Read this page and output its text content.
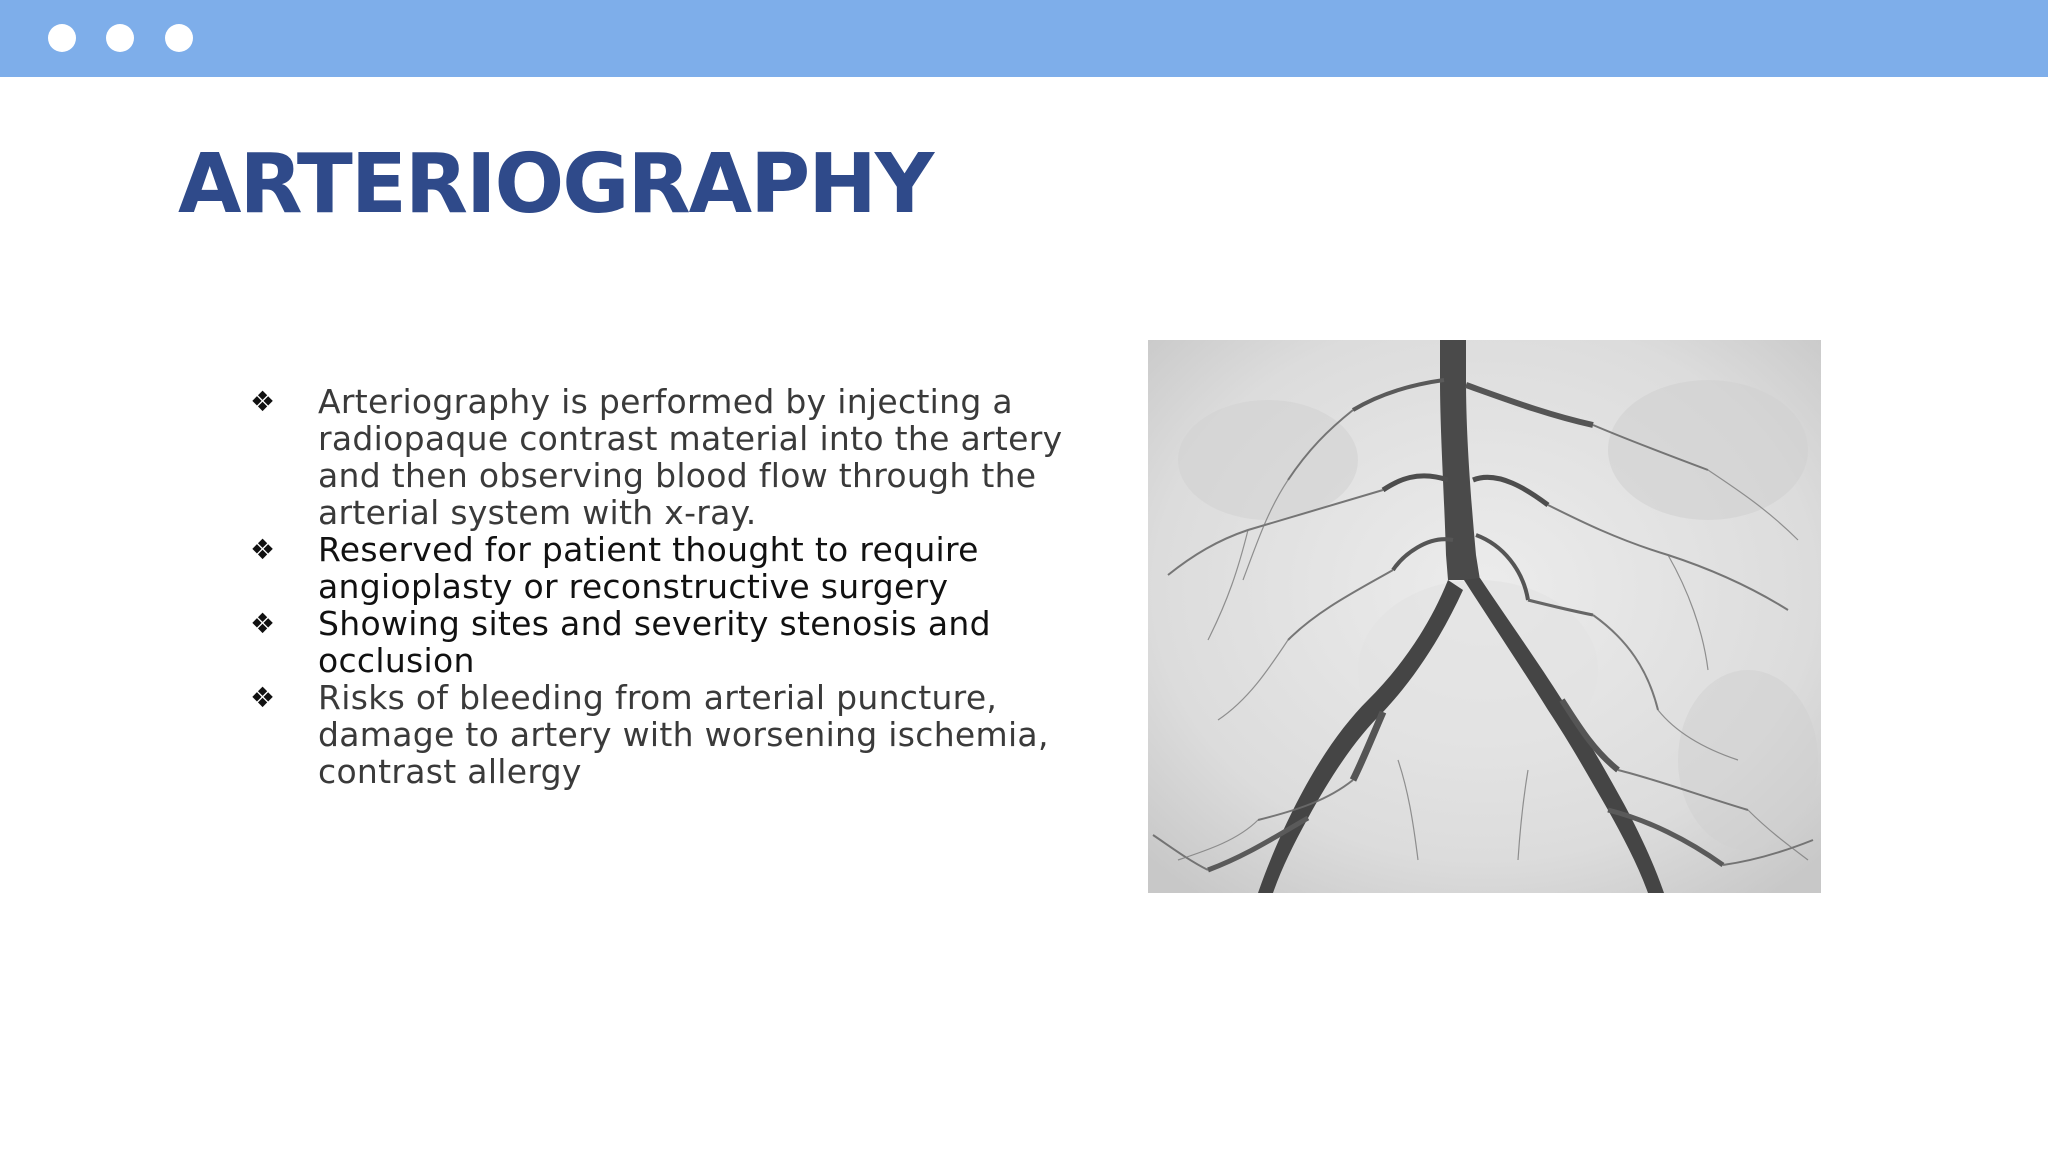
ARTERIOGRAPHY
❖	Arteriography is performed by injecting a radiopaque contrast material into the artery and then observing blood flow through the arterial system with x-ray.
❖	Reserved for patient thought to require angioplasty or reconstructive surgery
❖	Showing sites and severity stenosis and occlusion
❖	Risks of bleeding from arterial puncture, damage to artery with worsening ischemia, contrast allergy
